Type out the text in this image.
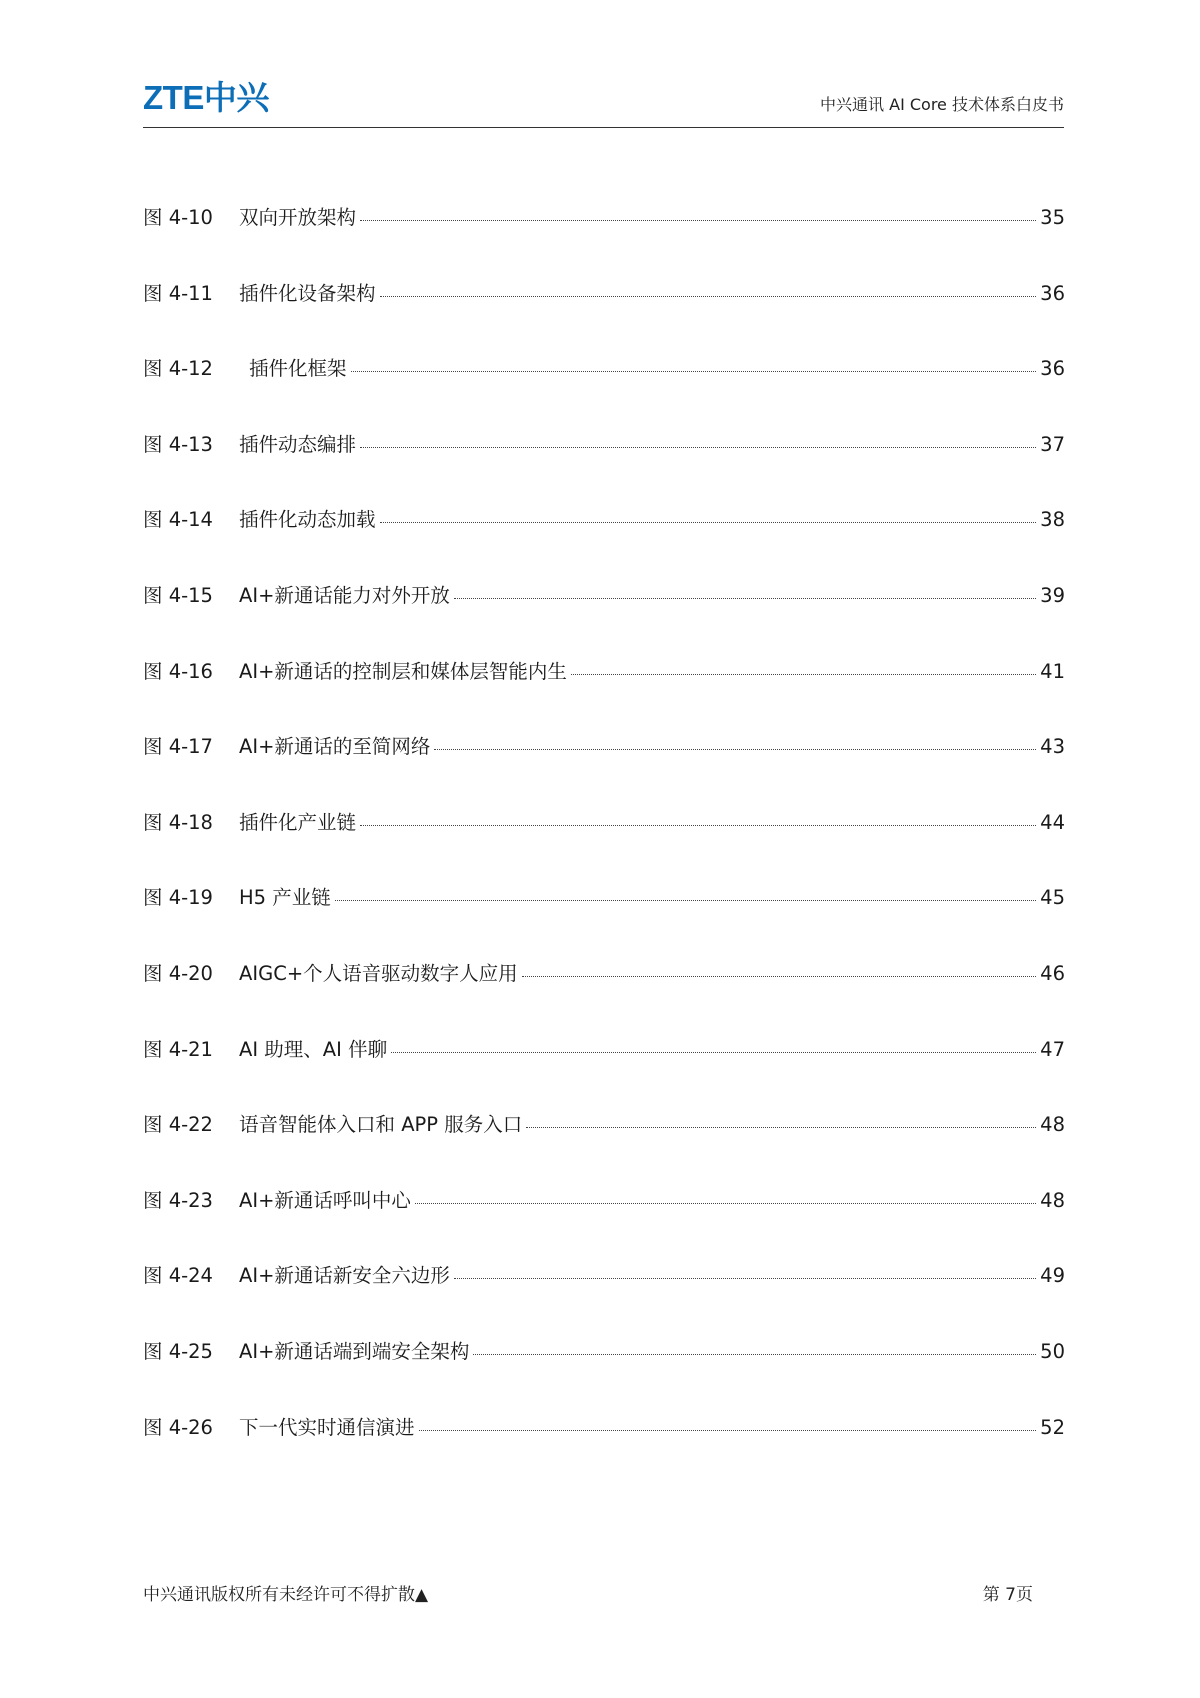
ZTE中兴	中兴通讯 AI Core 技术体系白皮书
图 4-10	双向开放架构	35
图 4-11	插件化设备架构	36
图 4-12	插件化框架	36
图 4-13	插件动态编排	37
图 4-14	插件化动态加载	38
图 4-15	AI+新通话能力对外开放	39
图 4-16	AI+新通话的控制层和媒体层智能内生	41
图 4-17	AI+新通话的至简网络	43
图 4-18	插件化产业链	44
图 4-19	H5 产业链	45
图 4-20	AIGC+个人语音驱动数字人应用	46
图 4-21	AI 助理、AI 伴聊	47
图 4-22	语音智能体入口和 APP 服务入口	48
图 4-23	AI+新通话呼叫中心	48
图 4-24	AI+新通话新安全六边形	49
图 4-25	AI+新通话端到端安全架构	50
图 4-26	下一代实时通信演进	52
中兴通讯版权所有未经许可不得扩散▲	第 7页
